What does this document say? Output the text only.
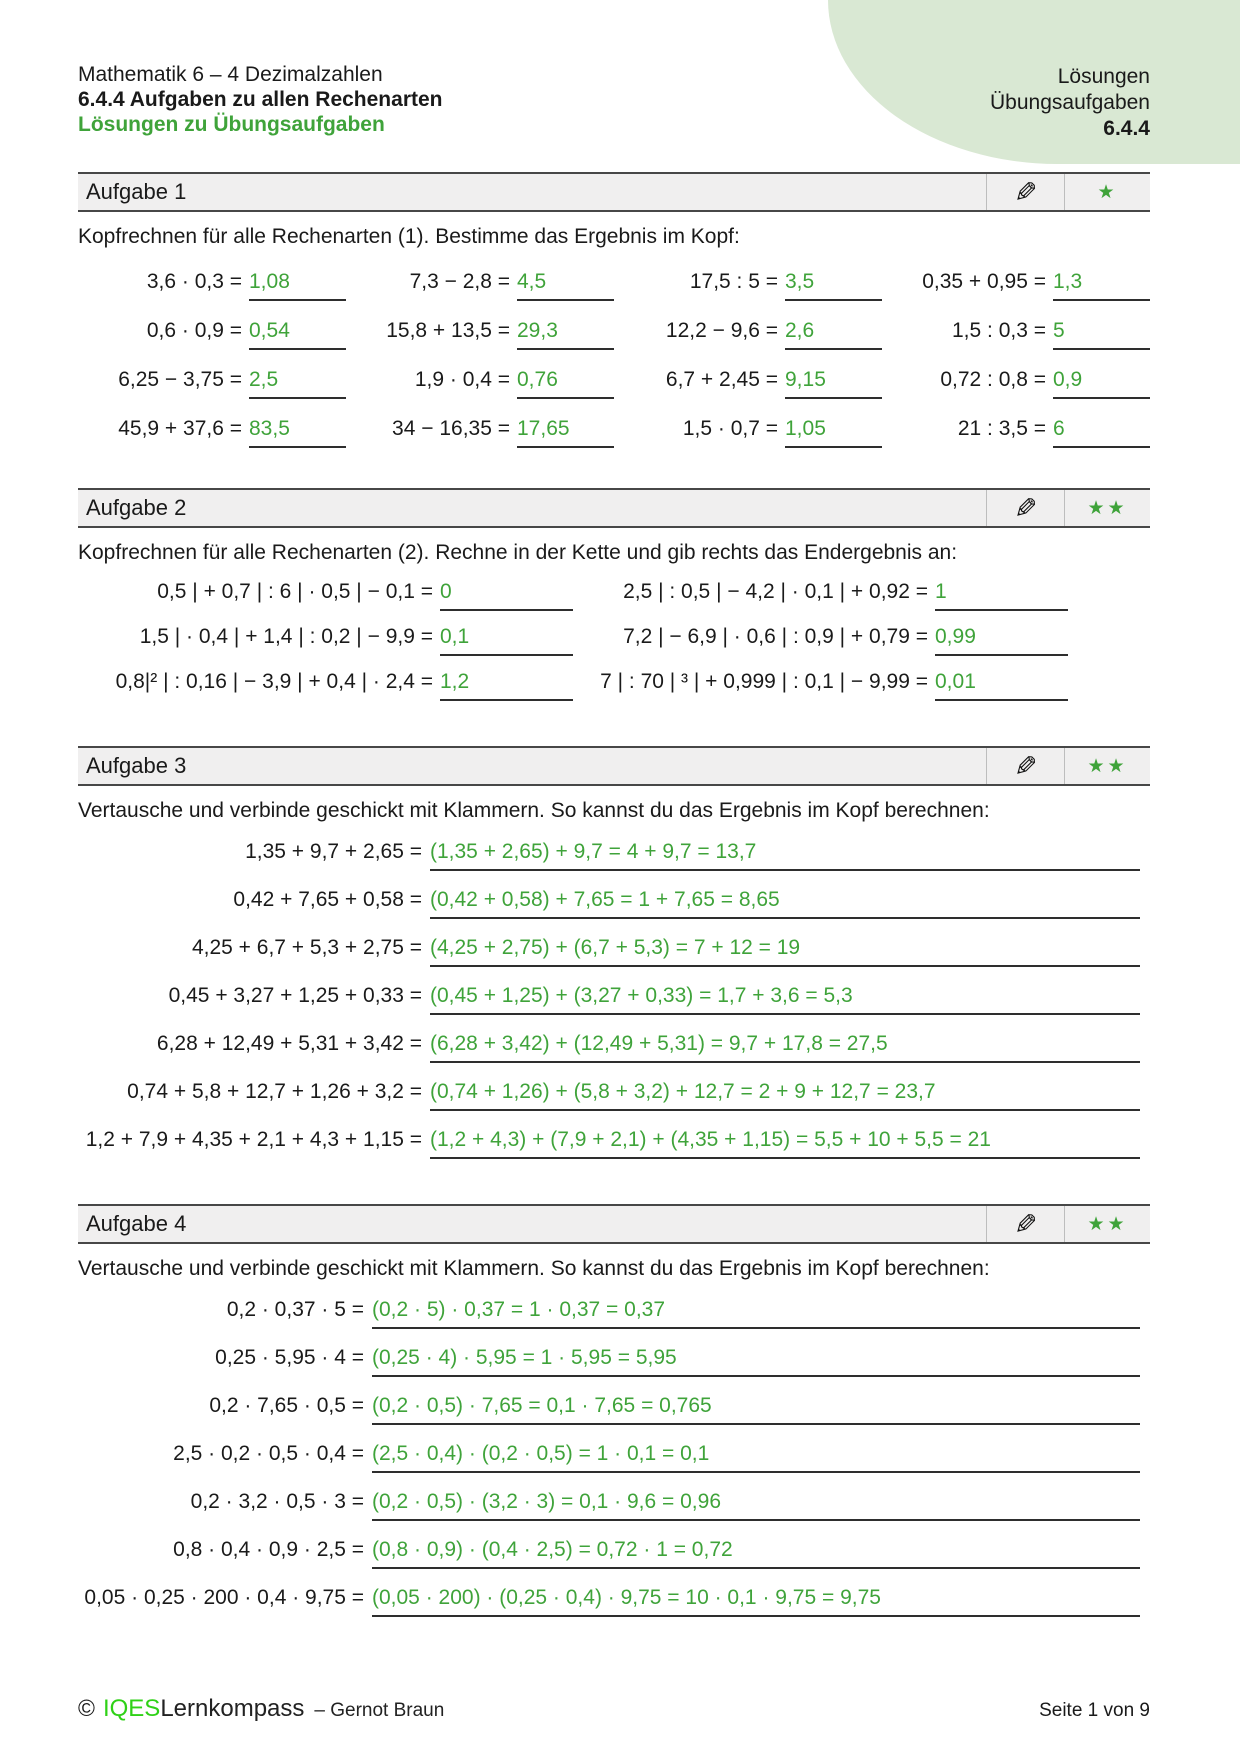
Lösungen
Übungsaufgaben
6.4.4
Mathematik 6 – 4 Dezimalzahlen
6.4.4 Aufgaben zu allen Rechenarten
Lösungen zu Übungsaufgaben
Aufgabe 1	✎	★
Kopfrechnen für alle Rechenarten (1). Bestimme das Ergebnis im Kopf:
3,6 · 0,3 = 1,08	7,3 − 2,8 = 4,5	17,5 : 5 = 3,5	0,35 + 0,95 = 1,3
0,6 · 0,9 = 0,54	15,8 + 13,5 = 29,3	12,2 − 9,6 = 2,6	1,5 : 0,3 = 5
6,25 − 3,75 = 2,5	1,9 · 0,4 = 0,76	6,7 + 2,45 = 9,15	0,72 : 0,8 = 0,9
45,9 + 37,6 = 83,5	34 − 16,35 = 17,65	1,5 · 0,7 = 1,05	21 : 3,5 = 6
Aufgabe 2	✎	★★
Kopfrechnen für alle Rechenarten (2). Rechne in der Kette und gib rechts das Endergebnis an:
0,5 | + 0,7 | : 6 | · 0,5 | − 0,1 = 0	2,5 | : 0,5 | − 4,2 | · 0,1 | + 0,92 = 1
1,5 | · 0,4 | + 1,4 | : 0,2 | − 9,9 = 0,1	7,2 | − 6,9 | · 0,6 | : 0,9 | + 0,79 = 0,99
0,8|² | : 0,16 | − 3,9 | + 0,4 | · 2,4 = 1,2	7 | : 70 | ³ | + 0,999 | : 0,1 | − 9,99 = 0,01
Aufgabe 3	✎	★★
Vertausche und verbinde geschickt mit Klammern. So kannst du das Ergebnis im Kopf berechnen:
1,35 + 9,7 + 2,65 = (1,35 + 2,65) + 9,7 = 4 + 9,7 = 13,7
0,42 + 7,65 + 0,58 = (0,42 + 0,58) + 7,65 = 1 + 7,65 = 8,65
4,25 + 6,7 + 5,3 + 2,75 = (4,25 + 2,75) + (6,7 + 5,3) = 7 + 12 = 19
0,45 + 3,27 + 1,25 + 0,33 = (0,45 + 1,25) + (3,27 + 0,33) = 1,7 + 3,6 = 5,3
6,28 + 12,49 + 5,31 + 3,42 = (6,28 + 3,42) + (12,49 + 5,31) = 9,7 + 17,8 = 27,5
0,74 + 5,8 + 12,7 + 1,26 + 3,2 = (0,74 + 1,26) + (5,8 + 3,2) + 12,7 = 2 + 9 + 12,7 = 23,7
1,2 + 7,9 + 4,35 + 2,1 + 4,3 + 1,15 = (1,2 + 4,3) + (7,9 + 2,1) + (4,35 + 1,15) = 5,5 + 10 + 5,5 = 21
Aufgabe 4	✎	★★
Vertausche und verbinde geschickt mit Klammern. So kannst du das Ergebnis im Kopf berechnen:
0,2 · 0,37 · 5 = (0,2 · 5) · 0,37 = 1 · 0,37 = 0,37
0,25 · 5,95 · 4 = (0,25 · 4) · 5,95 = 1 · 5,95 = 5,95
0,2 · 7,65 · 0,5 = (0,2 · 0,5) · 7,65 = 0,1 · 7,65 = 0,765
2,5 · 0,2 · 0,5 · 0,4 = (2,5 · 0,4) · (0,2 · 0,5) = 1 · 0,1 = 0,1
0,2 · 3,2 · 0,5 · 3 = (0,2 · 0,5) · (3,2 · 3) = 0,1 · 9,6 = 0,96
0,8 · 0,4 · 0,9 · 2,5 = (0,8 · 0,9) · (0,4 · 2,5) = 0,72 · 1 = 0,72
0,05 · 0,25 · 200 · 0,4 · 9,75 = (0,05 · 200) · (0,25 · 0,4) · 9,75 = 10 · 0,1 · 9,75 = 9,75
© IQES Lernkompass – Gernot Braun	Seite 1 von 9
